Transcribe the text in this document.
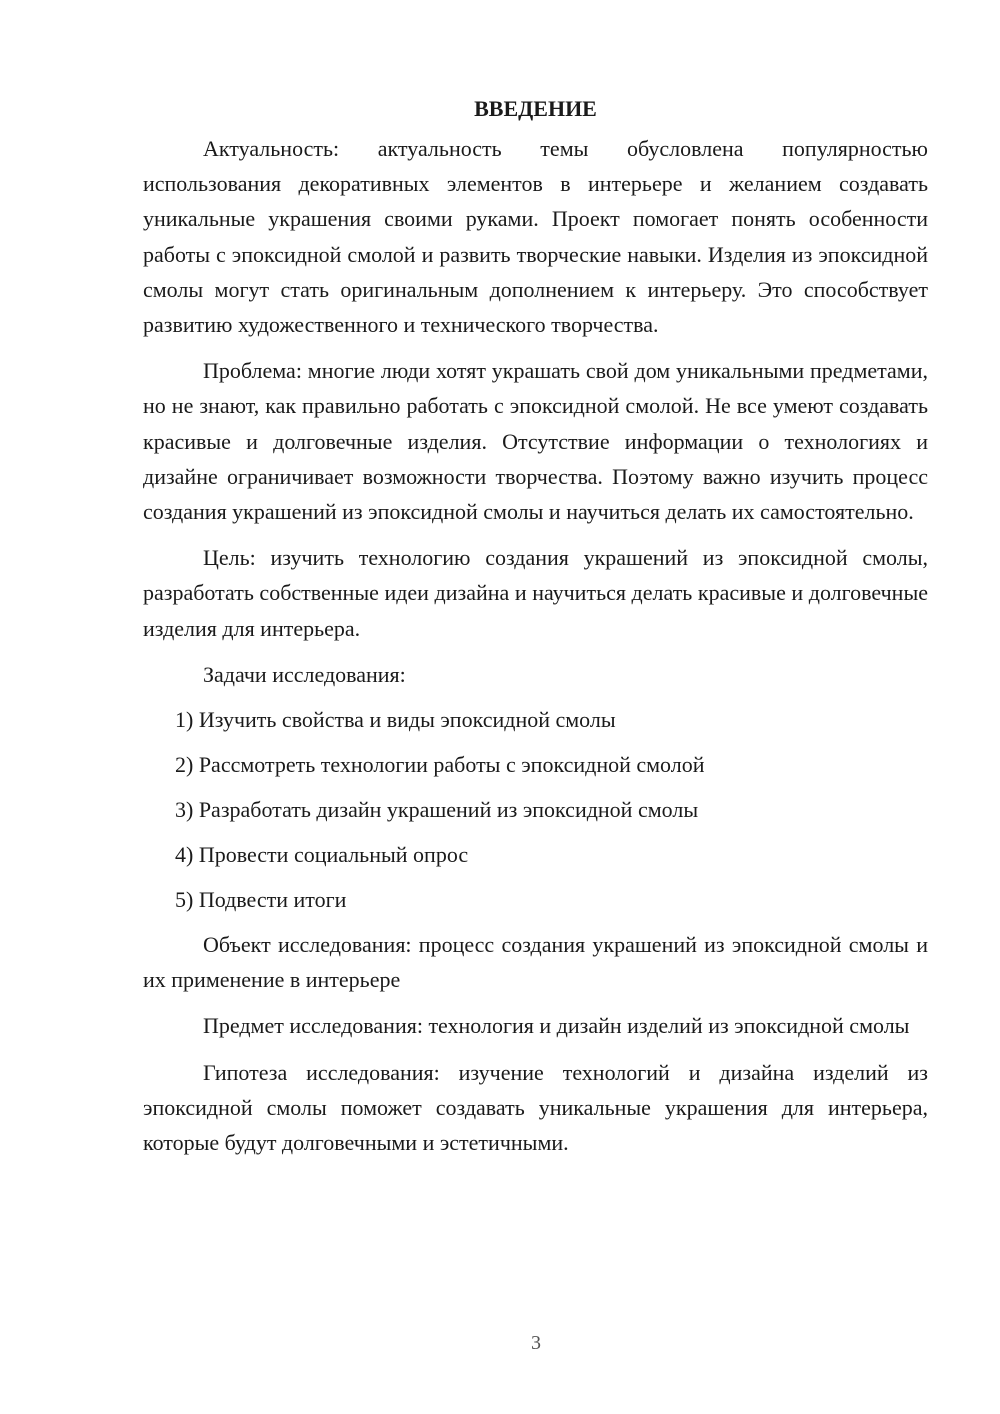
ВВЕДЕНИЕ

Актуальность: актуальность темы обусловлена популярностью использования декоративных элементов в интерьере и желанием создавать уникальные украшения своими руками. Проект помогает понять особенности работы с эпоксидной смолой и развить творческие навыки. Изделия из эпоксидной смолы могут стать оригинальным дополнением к интерьеру. Это способствует развитию художественного и технического творчества.

Проблема: многие люди хотят украшать свой дом уникальными предметами, но не знают, как правильно работать с эпоксидной смолой. Не все умеют создавать красивые и долговечные изделия. Отсутствие информации о технологиях и дизайне ограничивает возможности творчества. Поэтому важно изучить процесс создания украшений из эпоксидной смолы и научиться делать их самостоятельно.

Цель: изучить технологию создания украшений из эпоксидной смолы, разработать собственные идеи дизайна и научиться делать красивые и долговечные изделия для интерьера.

Задачи исследования:

1) Изучить свойства и виды эпоксидной смолы
2) Рассмотреть технологии работы с эпоксидной смолой
3) Разработать дизайн украшений из эпоксидной смолы
4) Провести социальный опрос
5) Подвести итоги

Объект исследования: процесс создания украшений из эпоксидной смолы и их применение в интерьере

Предмет исследования: технология и дизайн изделий из эпоксидной смолы

Гипотеза исследования: изучение технологий и дизайна изделий из эпоксидной смолы поможет создавать уникальные украшения для интерьера, которые будут долговечными и эстетичными.

3
